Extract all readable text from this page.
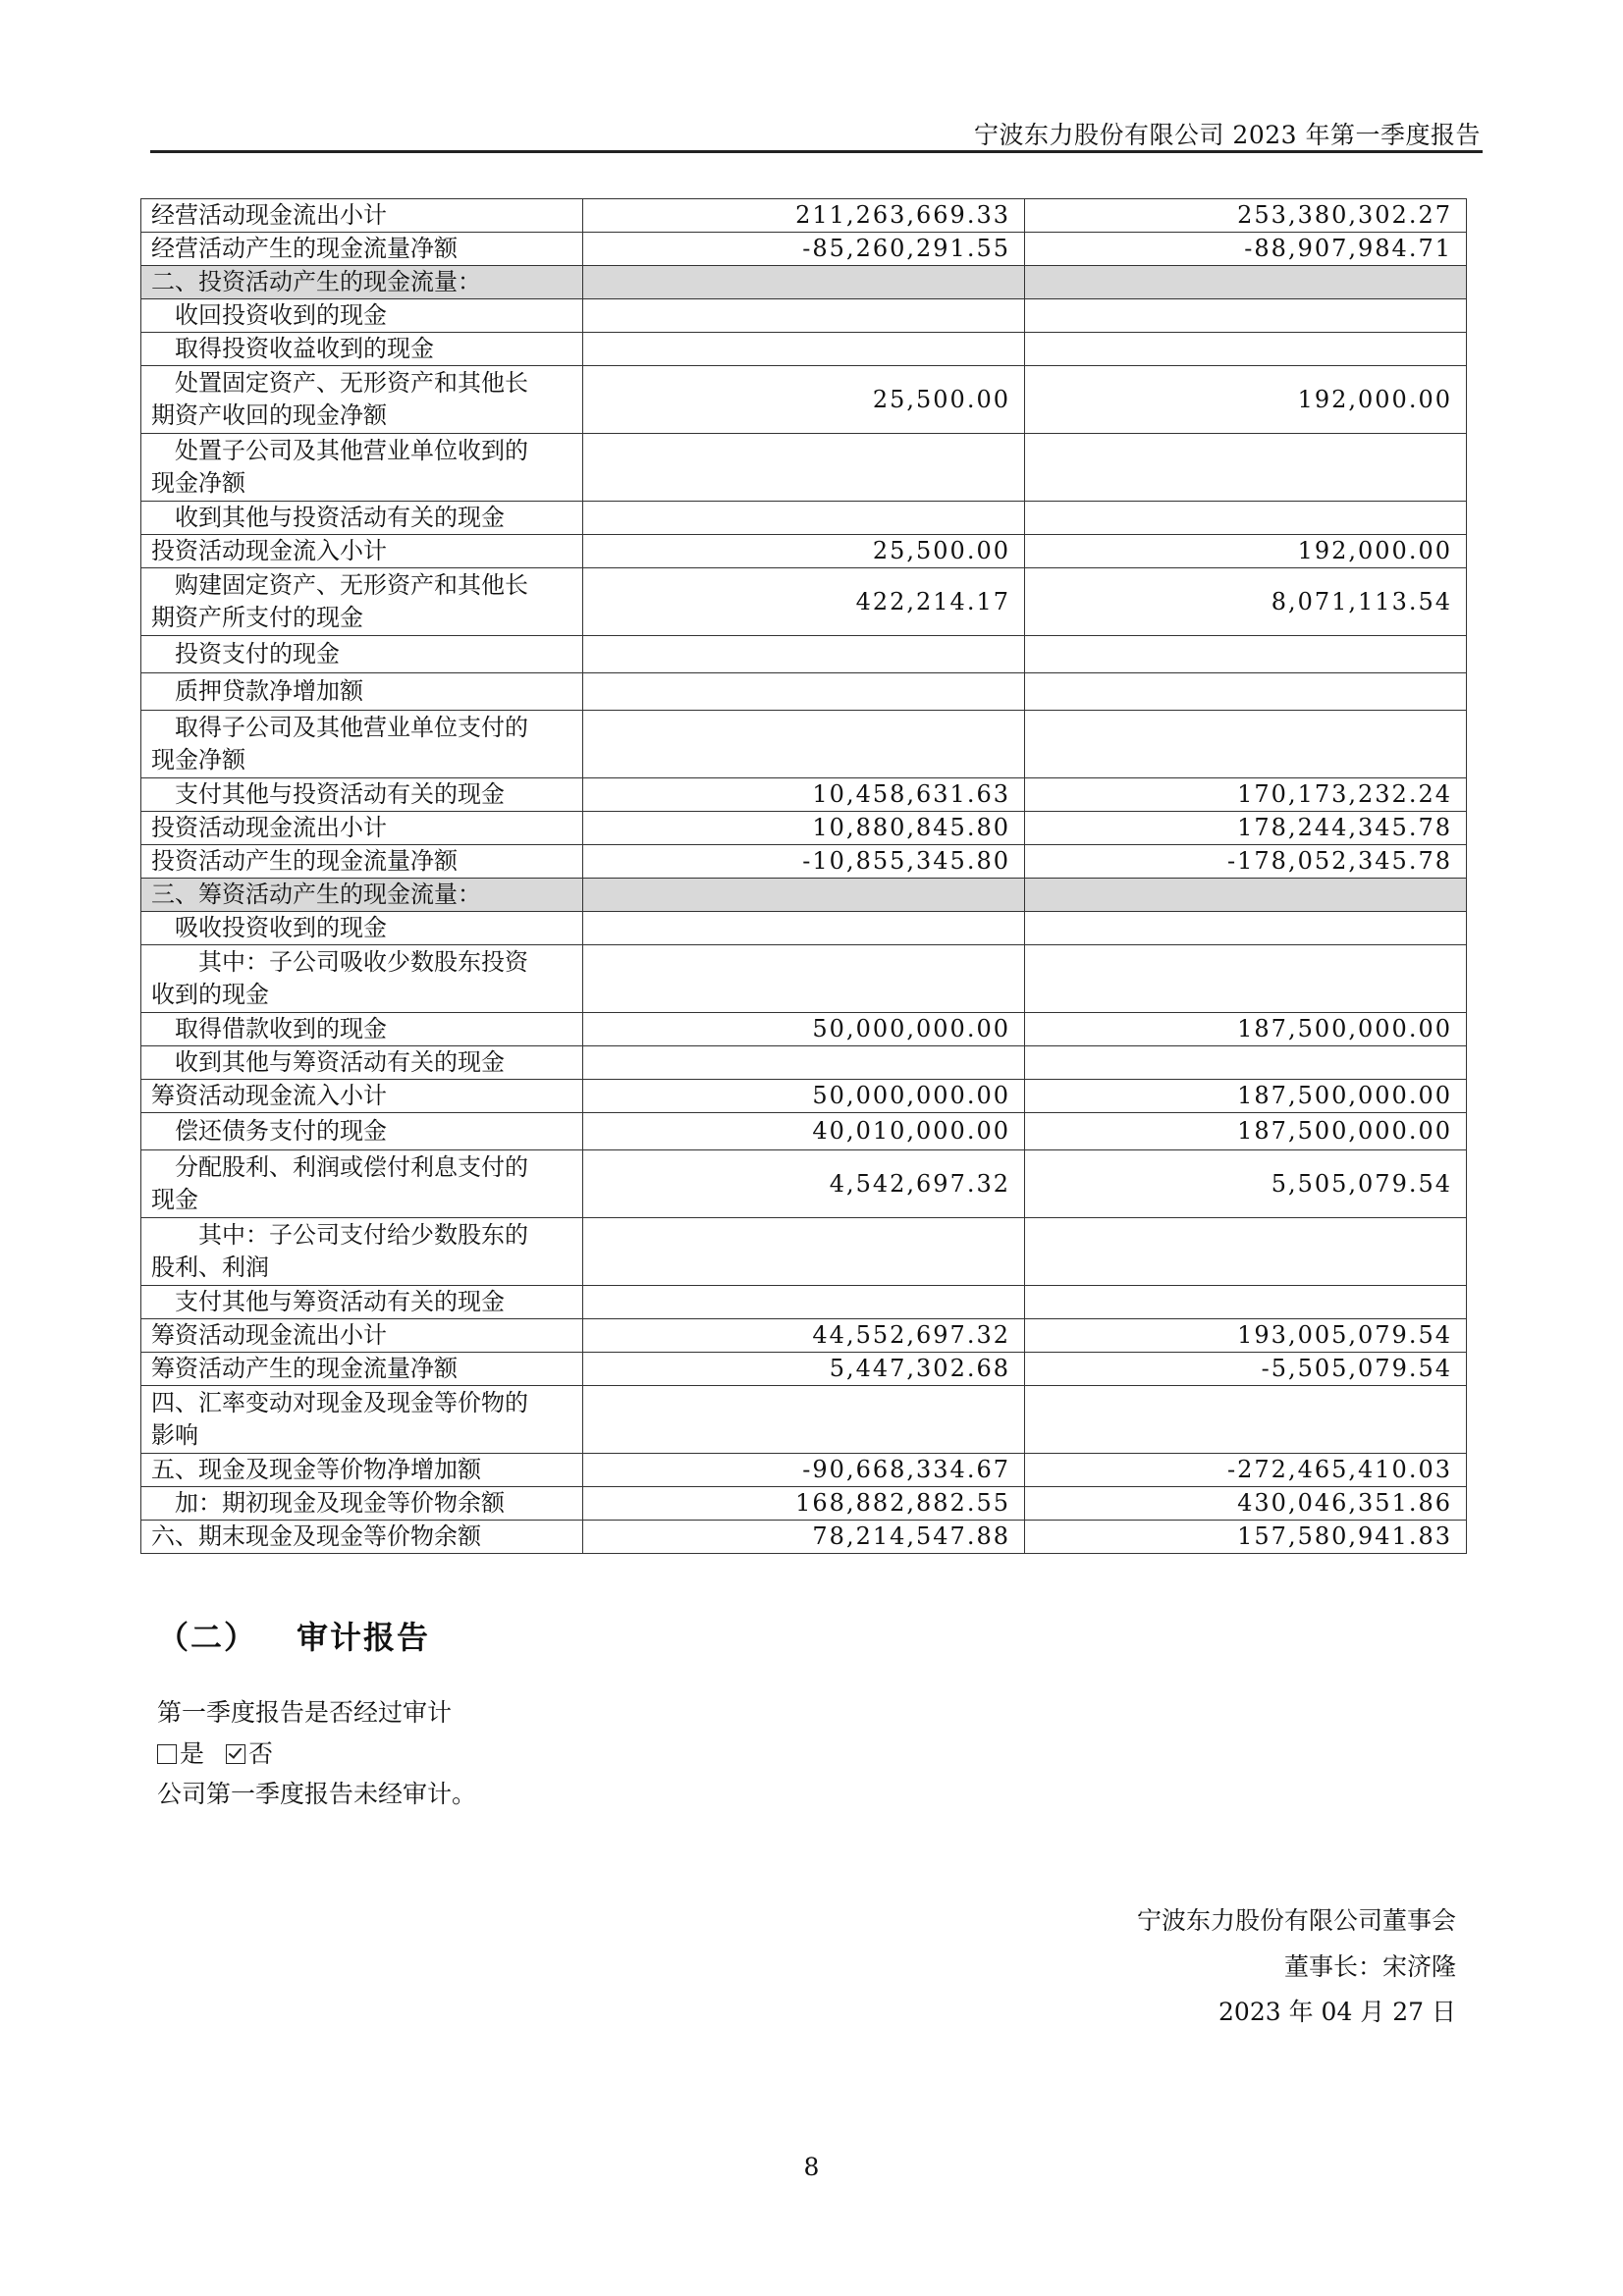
宁波东力股份有限公司 2023 年第一季度报告
经营活动现金流出小计	211,263,669.33	253,380,302.27
经营活动产生的现金流量净额	-85,260,291.55	-88,907,984.71
二、投资活动产生的现金流量：		
收回投资收到的现金		
取得投资收益收到的现金		

处置固定资产、无形资产和其他长
期资产收回的现金净额	25,500.00	192,000.00

处置子公司及其他营业单位收到的
现金净额		

收到其他与投资活动有关的现金		
投资活动现金流入小计	25,500.00	192,000.00

购建固定资产、无形资产和其他长
期资产所支付的现金	422,214.17	8,071,113.54
投资支付的现金		
质押贷款净增加额		

取得子公司及其他营业单位支付的
现金净额		

支付其他与投资活动有关的现金	10,458,631.63	170,173,232.24
投资活动现金流出小计	10,880,845.80	178,244,345.78
投资活动产生的现金流量净额	-10,855,345.80	-178,052,345.78
三、筹资活动产生的现金流量：		
吸收投资收到的现金		

其中：子公司吸收少数股东投资
收到的现金		

取得借款收到的现金	50,000,000.00	187,500,000.00
收到其他与筹资活动有关的现金		
筹资活动现金流入小计	50,000,000.00	187,500,000.00
偿还债务支付的现金	40,010,000.00	187,500,000.00

分配股利、利润或偿付利息支付的
现金	4,542,697.32	5,505,079.54

其中：子公司支付给少数股东的
股利、利润		

支付其他与筹资活动有关的现金		
筹资活动现金流出小计	44,552,697.32	193,005,079.54
筹资活动产生的现金流量净额	5,447,302.68	-5,505,079.54

四、汇率变动对现金及现金等价物的
影响		

五、现金及现金等价物净增加额	-90,668,334.67	-272,465,410.03
加：期初现金及现金等价物余额	168,882,882.55	430,046,351.86
六、期末现金及现金等价物余额	78,214,547.88	157,580,941.83
（二） 审计报告
第一季度报告是否经过审计
是 否
公司第一季度报告未经审计。
宁波东力股份有限公司董事会
董事长：宋济隆
2023 年 04 月 27 日
8
